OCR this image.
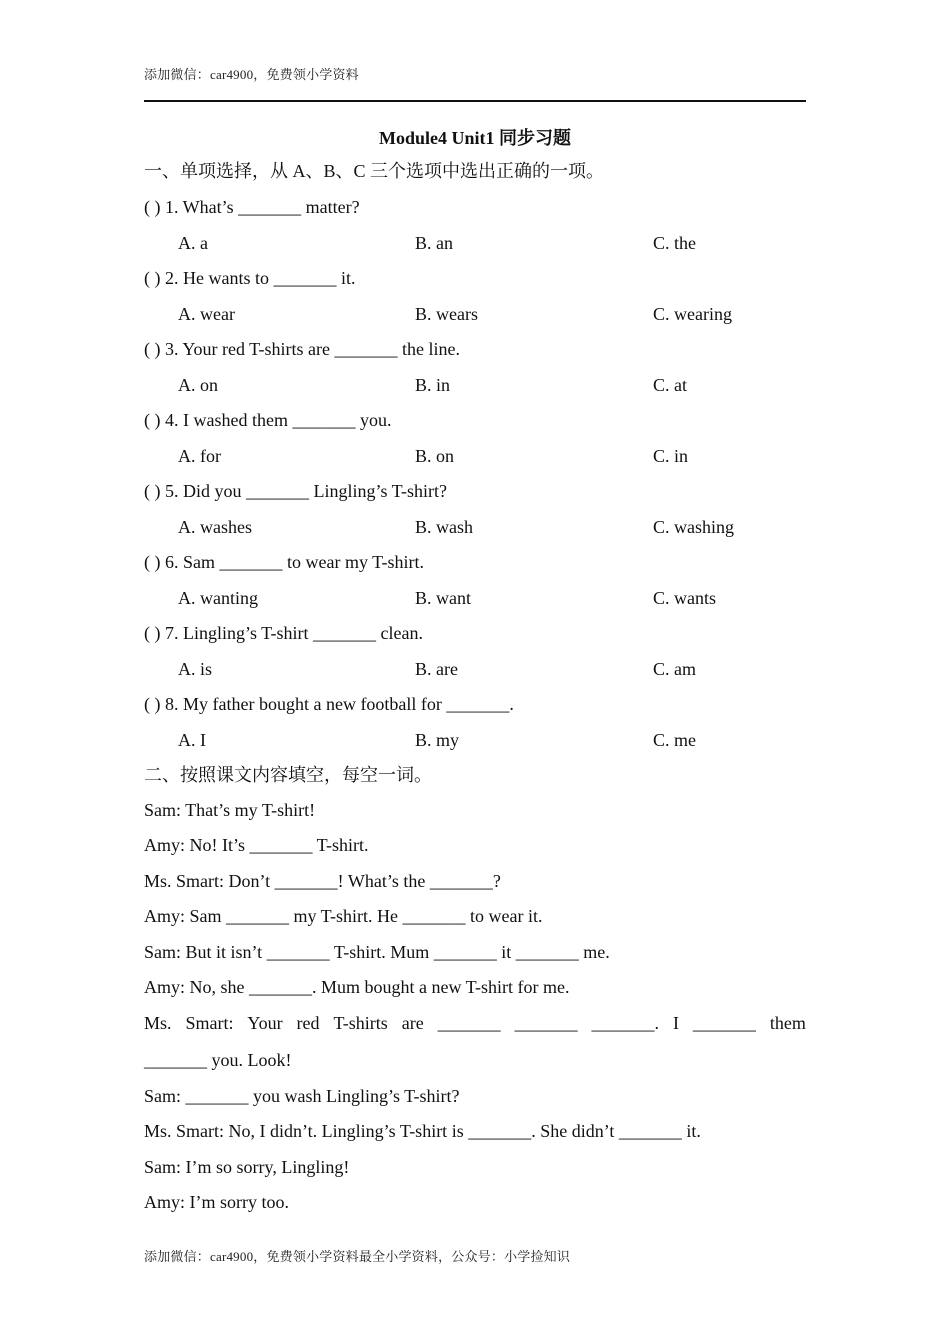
添加微信：car4900，免费领小学资料
Module4 Unit1 同步习题
一、单项选择，从 A、B、C 三个选项中选出正确的一项。
( ) 1. What’s _______ matter?
A. a	B. an	C. the
( ) 2. He wants to _______ it.
A. wear	B. wears	C. wearing
( ) 3. Your red T-shirts are _______ the line.
A. on	B. in	C. at
( ) 4. I washed them _______ you.
A. for	B. on	C. in
( ) 5. Did you _______ Lingling’s T-shirt?
A. washes	B. wash	C. washing
( ) 6. Sam _______ to wear my T-shirt.
A. wanting	B. want	C. wants
( ) 7. Lingling’s T-shirt _______ clean.
A. is	B. are	C. am
( ) 8. My father bought a new football for _______.
A. I	B. my	C. me
二、按照课文内容填空，每空一词。
Sam: That’s my T-shirt!
Amy: No! It’s _______ T-shirt.
Ms. Smart: Don’t _______! What’s the _______?
Amy: Sam _______ my T-shirt. He _______ to wear it.
Sam: But it isn’t _______ T-shirt. Mum _______ it _______ me.
Amy: No, she _______. Mum bought a new T-shirt for me.
Ms. Smart: Your red T-shirts are _______ _______ _______. I _______ them
_______ you. Look!
Sam: _______ you wash Lingling’s T-shirt?
Ms. Smart: No, I didn’t. Lingling’s T-shirt is _______. She didn’t _______ it.
Sam: I’m so sorry, Lingling!
Amy: I’m sorry too.
添加微信：car4900，免费领小学资料最全小学资料，公众号：小学捡知识
